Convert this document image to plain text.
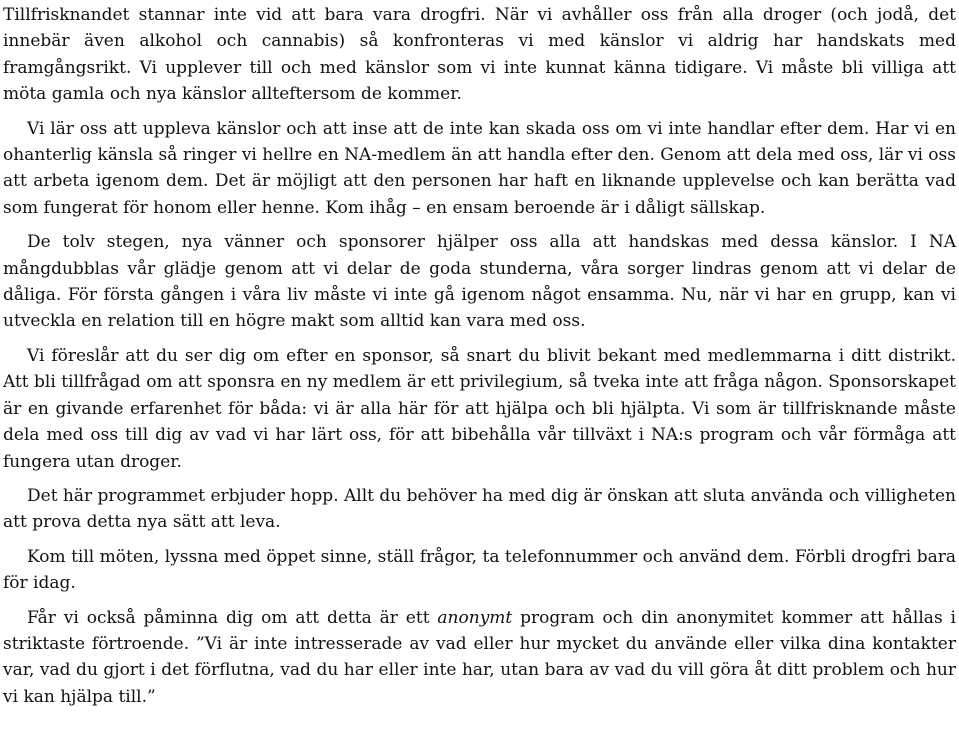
Tillfrisknandet stannar inte vid att bara vara drogfri. När vi avhåller oss från alla droger (och jodå, det innebär även alkohol och cannabis) så konfronteras vi med känslor vi aldrig har handskats med framgångsrikt. Vi upplever till och med känslor som vi inte kunnat känna tidigare. Vi måste bli villiga att möta gamla och nya känslor allteftersom de kommer.

Vi lär oss att uppleva känslor och att inse att de inte kan skada oss om vi inte handlar efter dem. Har vi en ohanterlig känsla så ringer vi hellre en NA-medlem än att handla efter den. Genom att dela med oss, lär vi oss att arbeta igenom dem. Det är möjligt att den personen har haft en liknande upplevelse och kan berätta vad som fungerat för honom eller henne. Kom ihåg – en ensam beroende är i dåligt sällskap.

De tolv stegen, nya vänner och sponsorer hjälper oss alla att handskas med dessa känslor. I NA mångdubblas vår glädje genom att vi delar de goda stunderna, våra sorger lindras genom att vi delar de dåliga. För första gången i våra liv måste vi inte gå igenom något ensamma. Nu, när vi har en grupp, kan vi utveckla en relation till en högre makt som alltid kan vara med oss.

Vi föreslår att du ser dig om efter en sponsor, så snart du blivit bekant med medlemmarna i ditt distrikt. Att bli tillfrågad om att sponsra en ny medlem är ett privilegium, så tveka inte att fråga någon. Sponsorskapet är en givande erfarenhet för båda: vi är alla här för att hjälpa och bli hjälpta. Vi som är tillfrisknande måste dela med oss till dig av vad vi har lärt oss, för att bibehålla vår tillväxt i NA:s program och vår förmåga att fungera utan droger.

Det här programmet erbjuder hopp. Allt du behöver ha med dig är önskan att sluta använda och villigheten att prova detta nya sätt att leva.

Kom till möten, lyssna med öppet sinne, ställ frågor, ta telefonnummer och använd dem. Förbli drogfri bara för idag.

Får vi också påminna dig om att detta är ett anonymt program och din anonymitet kommer att hållas i striktaste förtroende. ”Vi är inte intresserade av vad eller hur mycket du använde eller vilka dina kontakter var, vad du gjort i det förflutna, vad du har eller inte har, utan bara av vad du vill göra åt ditt problem och hur vi kan hjälpa till.”
